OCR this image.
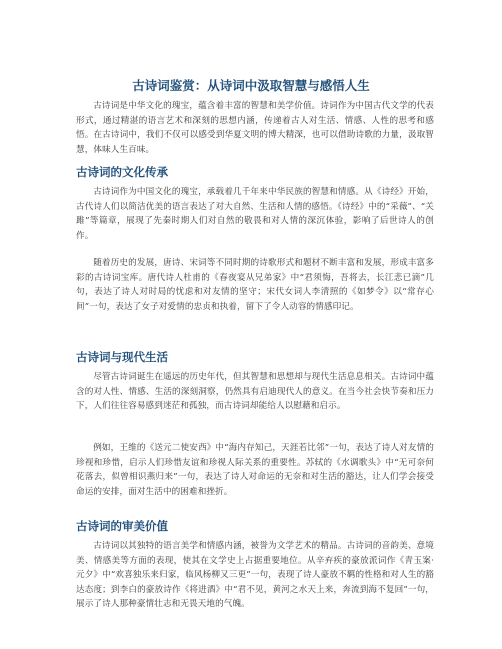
古诗词鉴赏：从诗词中汲取智慧与感悟人生

古诗词是中华文化的瑰宝，蕴含着丰富的智慧和美学价值。诗词作为中国古代文学的代表形式，通过精湛的语言艺术和深刻的思想内涵，传递着古人对生活、情感、人性的思考和感悟。在古诗词中，我们不仅可以感受到华夏文明的博大精深，也可以借助诗歌的力量，汲取智慧，体味人生百味。

古诗词的文化传承

古诗词作为中国文化的瑰宝，承载着几千年来中华民族的智慧和情感。从《诗经》开始，古代诗人们以简洁优美的语言表达了对大自然、生活和人情的感悟。《诗经》中的“采薇”、“关雎”等篇章，展现了先秦时期人们对自然的敬畏和对人情的深沉体验，影响了后世诗人的创作。

随着历史的发展，唐诗、宋词等不同时期的诗歌形式和题材不断丰富和发展，形成丰富多彩的古诗词宝库。唐代诗人杜甫的《春夜宴从兄弟家》中“君须悔，吾将去，长江悲已滴”几句，表达了诗人对时局的忧虑和对友情的坚守；宋代女词人李清照的《如梦令》以“常存心间”一句，表达了女子对爱情的忠贞和执着，留下了令人动容的情感印记。

古诗词与现代生活

尽管古诗词诞生在遥远的历史年代，但其智慧和思想却与现代生活息息相关。古诗词中蕴含的对人性、情感、生活的深刻洞察，仍然具有启迪现代人的意义。在当今社会快节奏和压力下，人们往往容易感到迷茫和孤独，而古诗词却能给人以慰藉和启示。

例如，王维的《送元二使安西》中“海内存知己，天涯若比邻”一句，表达了诗人对友情的珍视和珍惜，启示人们珍惜友谊和珍视人际关系的重要性。苏轼的《水调歌头》中“无可奈何花落去，似曾相识燕归来”一句，表达了诗人对命运的无奈和对生活的豁达，让人们学会接受命运的安排，面对生活中的困难和挫折。

古诗词的审美价值

古诗词以其独特的语言美学和情感内涵，被誉为文学艺术的精品。古诗词的音韵美、意境美、情感美等方面的表现，使其在文学史上占据重要地位。从辛弃疾的豪放派词作《青玉案·元夕》中“欢喜独乐来归家，临风杨柳又三更”一句，表现了诗人豪放不羁的性格和对人生的豁达态度；到李白的豪放诗作《将进酒》中“君不见，黄河之水天上来，奔流到海不复回”一句，展示了诗人那种豪情壮志和无畏天地的气魄。
